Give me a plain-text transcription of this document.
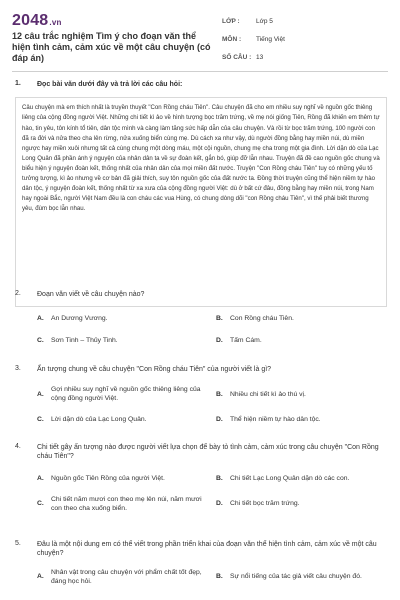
2048.vn
12 câu trắc nghiệm Tìm ý cho đoạn văn thể hiện tình cảm, cảm xúc về một câu chuyện (có đáp án)
LỚP :	Lớp 5
MÔN :	Tiếng Việt
SỐ CÂU : 13
1.	Đọc bài văn dưới đây và trả lời các câu hỏi:
Câu chuyện mà em thích nhất là truyền thuyết "Con Rồng cháu Tiên". Câu chuyện đã cho em nhiều suy nghĩ về nguồn gốc thiêng liêng của cộng đồng người Việt. Những chi tiết kì ảo về hình tượng bọc trăm trứng, về mẹ nói giống Tiên, Rồng đã khiến em thêm tự hào, tin yêu, tôn kính tổ tiên, dân tộc mình và càng làm tăng sức hấp dẫn của câu chuyện. Và rồi từ bọc trăm trứng, 100 người con đã ra đời và nửa theo cha lên rừng, nửa xuống biển cùng mẹ. Dù cách xa như vậy, dù người đồng bằng hay miền núi, dù miền ngược hay miền xuôi nhưng tất cả cùng chung một dòng máu, một cội nguồn, chung mẹ cha trong một gia đình. Lời dặn dò của Lạc Long Quân đã phần ánh ý nguyện của nhân dân ta về sự đoàn kết, gắn bó, giúp đỡ lẫn nhau. Truyện đã đề cao nguồn gốc chung và biểu hiện ý nguyện đoàn kết, thống nhất của nhân dân của mọi miền đất nước. Truyện "Con Rồng cháu Tiên" tuy có những yếu tố tưởng tượng, kì ảo nhưng về cơ bản đã giải thích, suy tôn nguồn gốc của đất nước ta. Đồng thời truyện cũng thể hiện niềm tự hào dân tộc, ý nguyện đoàn kết, thống nhất từ xa xưa của cộng đồng người Việt: dù ở bất cứ đâu, đồng bằng hay miền núi, trong Nam hay ngoài Bắc, người Việt Nam đều là con cháu các vua Hùng, có chung dòng dõi "con Rồng cháu Tiên", vì thế phải biết thương yêu, đùm bọc lẫn nhau.
2.	Đoạn văn viết về câu chuyện nào?
A.	An Dương Vương.	B.	Con Rồng cháu Tiên.
C.	Sơn Tinh – Thủy Tinh.	D.	Tấm Cám.
3.	Ấn tượng chung về câu chuyện "Con Rồng cháu Tiên" của người viết là gì?
A.
Gợi nhiều suy nghĩ về nguồn gốc thiêng liêng của cộng đồng người Việt.
B.	Nhiều chi tiết kì ảo thú vị.
C.	Lời dặn dò của Lạc Long Quân.	D.	Thể hiện niềm tự hào dân tộc.
4.	Chi tiết gây ấn tượng nào được người viết lựa chọn để bày tỏ tình cảm, cảm xúc trong câu chuyện "Con Rồng cháu Tiên"?
A.	Nguồn gốc Tiên Rồng của người Việt.	B.	Chi tiết Lạc Long Quân dặn dò các con.
C.
Chi tiết năm mươi con theo mẹ lên núi, năm mươi con theo cha xuống biển.
D.	Chi tiết bọc trăm trứng.
5.	Đâu là một nội dung em có thể viết trong phần triển khai của đoạn văn thể hiện tình cảm, cảm xúc về một câu chuyện?
A.
Nhân vật trong câu chuyện với phẩm chất tốt đẹp, đáng học hỏi.
B.	Sự nổi tiếng của tác giả viết câu chuyện đó.
